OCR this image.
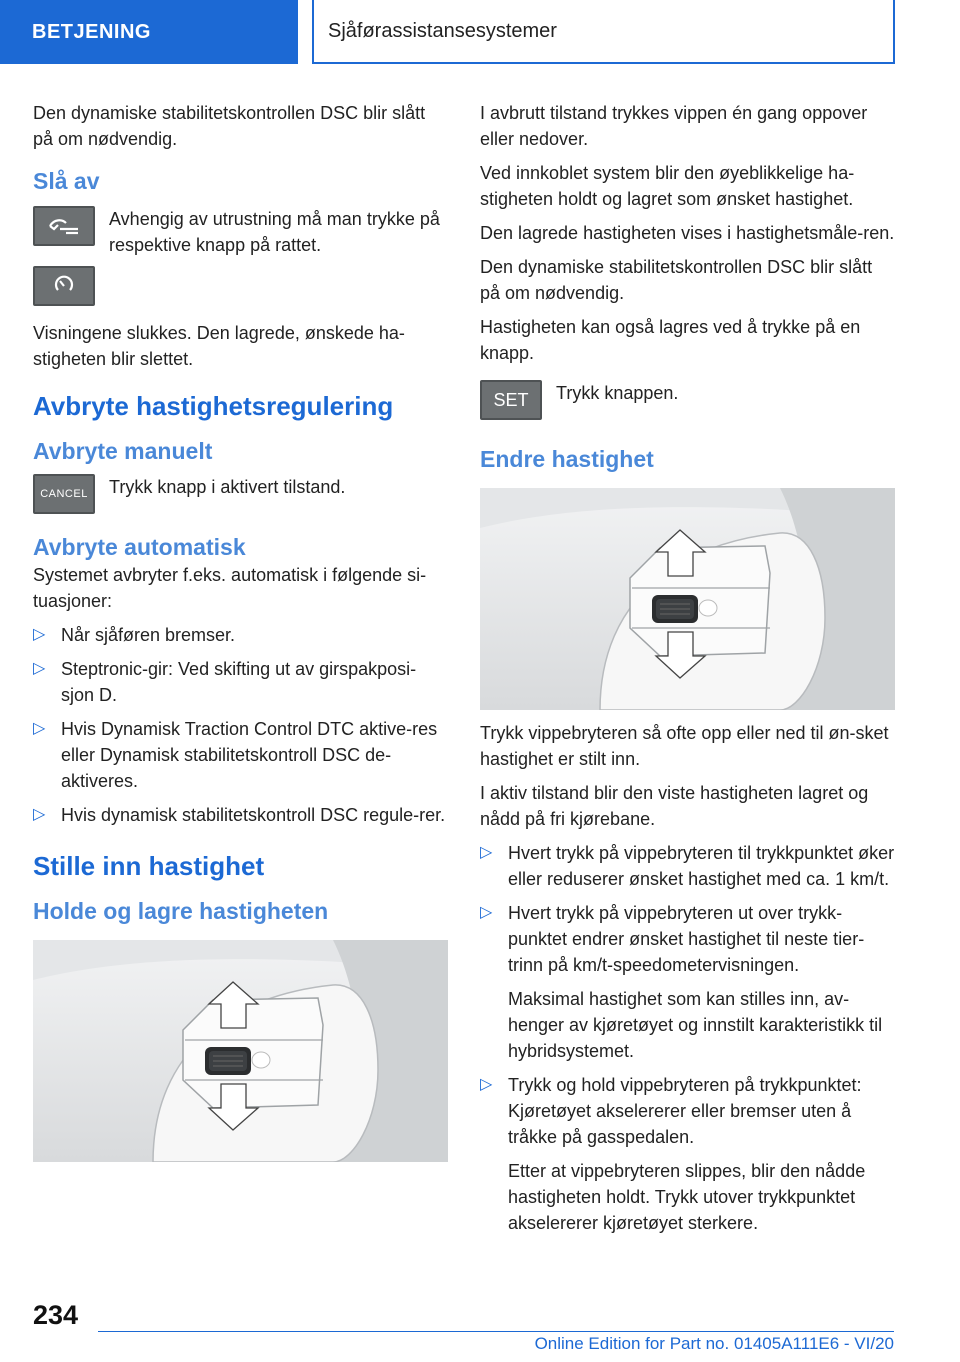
BETJENING	Sjåførassistansesystemer

Den dynamiske stabilitetskontrollen DSC blir slått på om nødvendig.

Slå av
Avhengig av utrustning må man trykke på respektive knapp på rattet.

Visningene slukkes. Den lagrede, ønskede ha-stigheten blir slettet.

Avbryte hastighetsregulering
Avbryte manuelt
CANCEL Trykk knapp i aktivert tilstand.
Avbryte automatisk

Systemet avbryter f.eks. automatisk i følgende si-tuasjoner:

▷ Når sjåføren bremser.
▷ Steptronic-gir: Ved skifting ut av girspakposi-sjon D.
▷ Hvis Dynamisk Traction Control DTC aktive-res eller Dynamisk stabilitetskontroll DSC de-aktiveres.
▷ Hvis dynamisk stabilitetskontroll DSC regule-rer.
Stille inn hastighet
Holde og lagre hastigheten

I avbrutt tilstand trykkes vippen én gang oppover eller nedover.

Ved innkoblet system blir den øyeblikkelige ha-stigheten holdt og lagret som ønsket hastighet.

Den lagrede hastigheten vises i hastighetsmåle-ren.

Den dynamiske stabilitetskontrollen DSC blir slått på om nødvendig.

Hastigheten kan også lagres ved å trykke på en knapp.

SET Trykk knappen.
Endre hastighet

Trykk vippebryteren så ofte opp eller ned til øn-sket hastighet er stilt inn.

I aktiv tilstand blir den viste hastigheten lagret og nådd på fri kjørebane.

▷ Hvert trykk på vippebryteren til trykkpunktet øker eller reduserer ønsket hastighet med ca. 1 km/t.
▷ Hvert trykk på vippebryteren ut over trykk-punktet endrer ønsket hastighet til neste tier-trinn på km/t-speedometervisningen.

Maksimal hastighet som kan stilles inn, av-henger av kjøretøyet og innstilt karakteristikk til hybridsystemet.

▷ Trykk og hold vippebryteren på trykkpunktet: Kjøretøyet akselererer eller bremser uten å tråkke på gasspedalen.

Etter at vippebryteren slippes, blir den nådde hastigheten holdt. Trykk utover trykkpunktet akselererer kjøretøyet sterkere.

234
Online Edition for Part no. 01405A111E6 - VI/20
